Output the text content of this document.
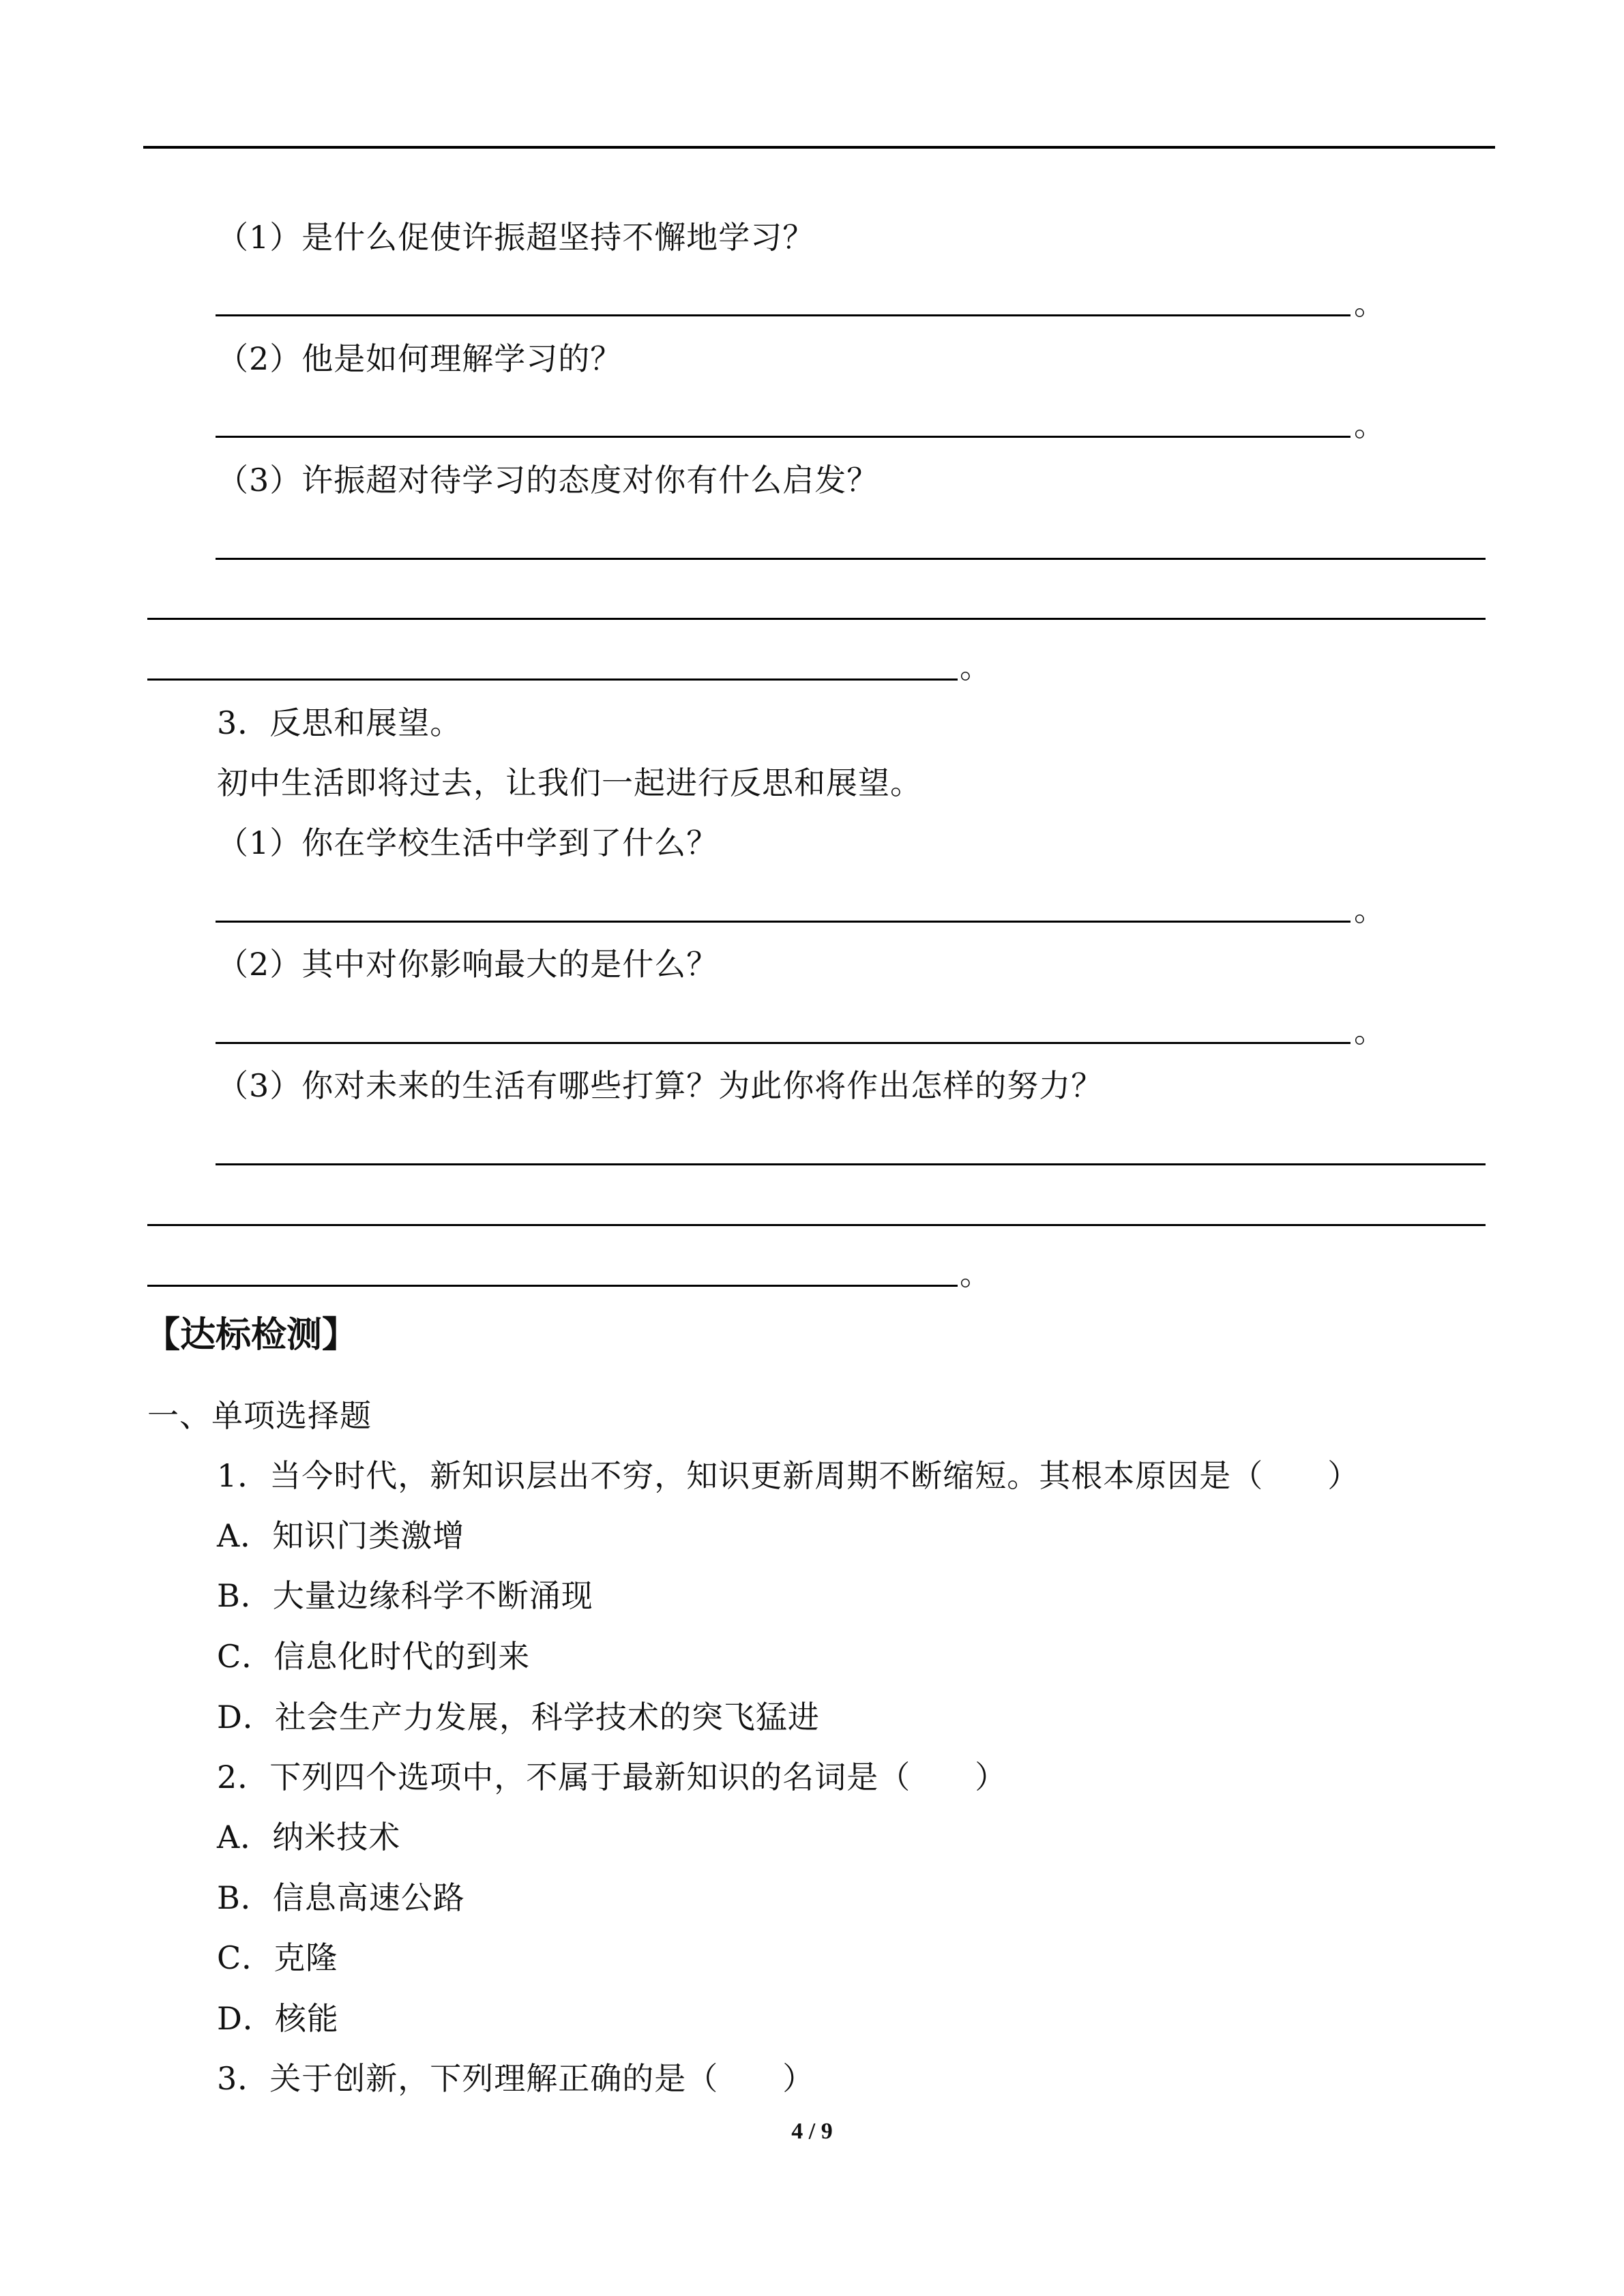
（1）是什么促使许振超坚持不懈地学习？
。
（2）他是如何理解学习的？
。
（3）许振超对待学习的态度对你有什么启发？
。
3．反思和展望。
初中生活即将过去，让我们一起进行反思和展望。
（1）你在学校生活中学到了什么？
。
（2）其中对你影响最大的是什么？
。
（3）你对未来的生活有哪些打算？为此你将作出怎样的努力？
。
【达标检测】
一、单项选择题
1．当今时代，新知识层出不穷，知识更新周期不断缩短。其根本原因是（　　）
A．知识门类激增
B．大量边缘科学不断涌现
C．信息化时代的到来
D．社会生产力发展，科学技术的突飞猛进
2．下列四个选项中，不属于最新知识的名词是（　　）
A．纳米技术
B．信息高速公路
C．克隆
D．核能
3．关于创新，下列理解正确的是（　　）
4 / 9
